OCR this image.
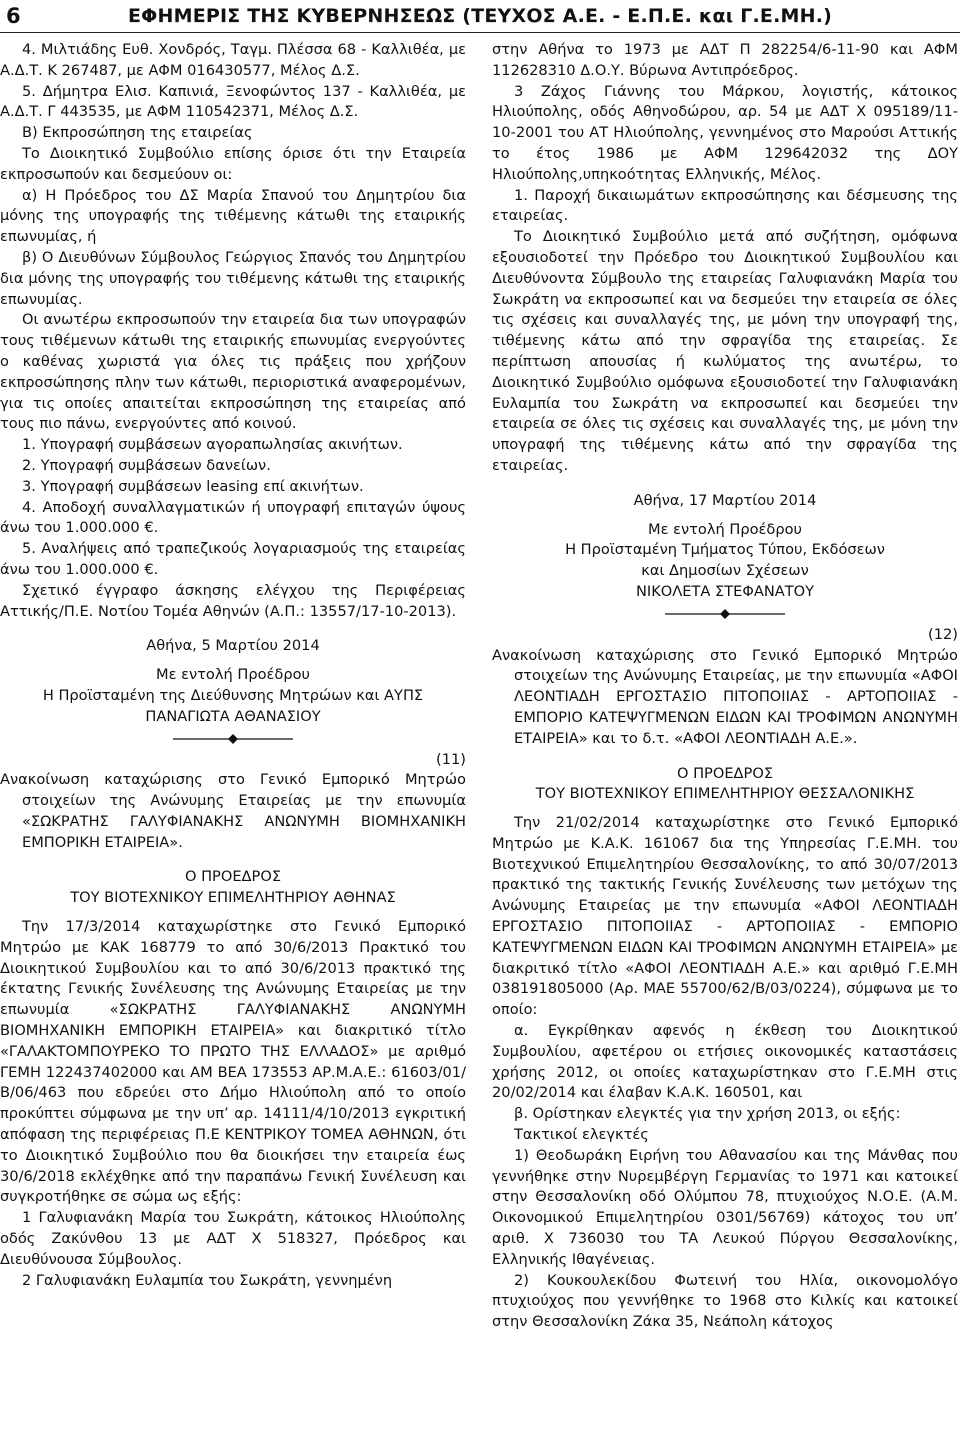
6	ΕΦΗΜΕΡΙΣ ΤΗΣ ΚΥΒΕΡΝΗΣΕΩΣ (ΤΕΥΧΟΣ Α.Ε. - Ε.Π.Ε. και Γ.Ε.ΜΗ.)

4. Μιλτιάδης Ευθ. Χονδρός, Ταγμ. Πλέσσα 68 - Καλλιθέα, με Α.Δ.Τ. Κ 267487, με ΑΦΜ 016430577, Μέλος Δ.Σ.

5. Δήμητρα Ελισ. Καπινιά, Ξενοφώντος 137 - Καλλιθέα, με Α.Δ.Τ. Γ 443535, με ΑΦΜ 110542371, Μέλος Δ.Σ.

Β) Εκπροσώπηση της εταιρείας

Το Διοικητικό Συμβούλιο επίσης όρισε ότι την Εταιρεία εκπροσωπούν και δεσμεύουν οι:

α) Η Πρόεδρος του ΔΣ Μαρία Σπανού του Δημητρίου δια μόνης της υπογραφής της τιθέμενης κάτωθι της εταιρικής επωνυμίας, ή

β) Ο Διευθύνων Σύμβουλος Γεώργιος Σπανός του Δημητρίου δια μόνης της υπογραφής του τιθέμενης κάτωθι της εταιρικής επωνυμίας.

Οι ανωτέρω εκπροσωπούν την εταιρεία δια των υπογραφών τους τιθέμενων κάτωθι της εταιρικής επωνυμίας ενεργούντες ο καθένας χωριστά για όλες τις πράξεις που χρήζουν εκπροσώπησης πλην των κάτωθι, περιοριστικά αναφερομένων, για τις οποίες απαιτείται εκπροσώπηση της εταιρείας από τους πιο πάνω, ενεργούντες από κοινού.

1. Υπογραφή συμβάσεων αγοραπωλησίας ακινήτων.

2. Υπογραφή συμβάσεων δανείων.

3. Υπογραφή συμβάσεων leasing επί ακινήτων.

4. Αποδοχή συναλλαγματικών ή υπογραφή επιταγών ύψους άνω του 1.000.000 €.

5. Αναλήψεις από τραπεζικούς λογαριασμούς της εταιρείας άνω του 1.000.000 €.

Σχετικό έγγραφο άσκησης ελέγχου της Περιφέρειας Αττικής/Π.Ε. Νοτίου Τομέα Αθηνών (Α.Π.: 13557/17-10-2013).

Αθήνα, 5 Μαρτίου 2014

Με εντολή Προέδρου

Η Προϊσταμένη της Διεύθυνσης Μητρώων και ΑΥΠΣ

ΠΑΝΑΓΙΩΤΑ ΑΘΑΝΑΣΙΟΥ

(11)

Ανακοίνωση καταχώρισης στο Γενικό Εμπορικό Μητρώο στοιχείων της Ανώνυμης Εταιρείας με την επωνυμία «ΣΩΚΡΑΤΗΣ ΓΑΛΥΦΙΑΝΑΚΗΣ ΑΝΩΝΥΜΗ ΒΙΟΜΗΧΑΝΙΚΗ ΕΜΠΟΡΙΚΗ ΕΤΑΙΡΕΙΑ».

Ο ΠΡΟΕΔΡΟΣ

ΤΟΥ ΒΙΟΤΕΧΝΙΚΟΥ ΕΠΙΜΕΛΗΤΗΡΙΟΥ ΑΘΗΝΑΣ

Την 17/3/2014 καταχωρίστηκε στο Γενικό Εμπορικό Μητρώο με ΚΑΚ 168779 το από 30/6/2013 Πρακτικό του Διοικητικού Συμβουλίου και το από 30/6/2013 πρακτικό της έκτατης Γενικής Συνέλευσης της Ανώνυμης Εταιρείας με την επωνυμία «ΣΩΚΡΑΤΗΣ ΓΑΛΥΦΙΑΝΑΚΗΣ ΑΝΩΝΥΜΗ ΒΙΟΜΗΧΑΝΙΚΗ ΕΜΠΟΡΙΚΗ ΕΤΑΙΡΕΙΑ» και διακριτικό τίτλο «ΓΑΛΑΚΤΟΜΠΟΥΡΕΚΟ ΤΟ ΠΡΩΤΟ ΤΗΣ ΕΛΛΑΔΟΣ» με αριθμό ΓΕΜΗ 122437402000 και ΑΜ ΒΕΑ 173553 ΑΡ.Μ.Α.Ε.: 61603/01/Β/06/463 που εδρεύει στο Δήμο Ηλιούπολη από το οποίο προκύπτει σύμφωνα με την υπ’ αρ. 14111/4/10/2013 εγκριτική απόφαση της περιφέρειας Π.Ε ΚΕΝΤΡΙΚΟΥ ΤΟΜΕΑ ΑΘΗΝΩΝ, ότι το Διοικητικό Συμβούλιο που θα διοικήσει την εταιρεία έως 30/6/2018 εκλέχθηκε από την παραπάνω Γενική Συνέλευση και συγκροτήθηκε σε σώμα ως εξής:

1 Γαλυφιανάκη Μαρία του Σωκράτη, κάτοικος Ηλιούπολης οδός Ζακύνθου 13 με ΑΔΤ Χ 518327, Πρόεδρος και Διευθύνουσα Σύμβουλος.

2 Γαλυφιανάκη Ευλαμπία του Σωκράτη, γεννημένη

στην Αθήνα το 1973 με ΑΔΤ Π 282254/6-11-90 και ΑΦΜ 112628310 Δ.Ο.Υ. Βύρωνα Αντιπρόεδρος.

3 Ζάχος Γιάννης του Μάρκου, λογιστής, κάτοικος Ηλιούπολης, οδός Αθηνοδώρου, αρ. 54 με ΑΔΤ Χ 095189/11-10-2001 του ΑΤ Ηλιούπολης, γεννημένος στο Μαρούσι Αττικής το έτος 1986 με ΑΦΜ 129642032 της ΔΟΥ Ηλιούπολης,υπηκοότητας Ελληνικής, Μέλος.

1. Παροχή δικαιωμάτων εκπροσώπησης και δέσμευσης της εταιρείας.

Το Διοικητικό Συμβούλιο μετά από συζήτηση, ομόφωνα εξουσιοδοτεί την Πρόεδρο του Διοικητικού Συμβουλίου και Διευθύνοντα Σύμβουλο της εταιρείας Γαλυφιανάκη Μαρία του Σωκράτη να εκπροσωπεί και να δεσμεύει την εταιρεία σε όλες τις σχέσεις και συναλλαγές της, με μόνη την υπογραφή της, τιθέμενης κάτω από την σφραγίδα της εταιρείας. Σε περίπτωση απουσίας ή κωλύματος της ανωτέρω, το Διοικητικό Συμβούλιο ομόφωνα εξουσιοδοτεί την Γαλυφιανάκη Ευλαμπία του Σωκράτη να εκπροσωπεί και δεσμεύει την εταιρεία σε όλες τις σχέσεις και συναλλαγές της, με μόνη την υπογραφή της τιθέμενης κάτω από την σφραγίδα της εταιρείας.

Αθήνα, 17 Μαρτίου 2014

Με εντολή Προέδρου

Η Προϊσταμένη Τμήματος Τύπου, Εκδόσεων

και Δημοσίων Σχέσεων

ΝΙΚΟΛΕΤΑ ΣΤΕΦΑΝΑΤΟΥ

(12)

Ανακοίνωση καταχώρισης στο Γενικό Εμπορικό Μητρώο στοιχείων της Ανώνυμης Εταιρείας, με την επωνυμία «ΑΦΟΙ ΛΕΟΝΤΙΑΔΗ ΕΡΓΟΣΤΑΣΙΟ ΠΙΤΟΠΟΙΙΑΣ - ΑΡΤΟΠΟΙΙΑΣ - ΕΜΠΟΡΙΟ ΚΑΤΕΨΥΓΜΕΝΩΝ ΕΙΔΩΝ ΚΑΙ ΤΡΟΦΙΜΩΝ ΑΝΩΝΥΜΗ ΕΤΑΙΡΕΙΑ» και το δ.τ. «ΑΦΟΙ ΛΕΟΝΤΙΑΔΗ Α.Ε.».

Ο ΠΡΟΕΔΡΟΣ

ΤΟΥ ΒΙΟΤΕΧΝΙΚΟΥ ΕΠΙΜΕΛΗΤΗΡΙΟΥ ΘΕΣΣΑΛΟΝΙΚΗΣ

Την 21/02/2014 καταχωρίστηκε στο Γενικό Εμπορικό Μητρώο με Κ.Α.Κ. 161067 δια της Υπηρεσίας Γ.Ε.ΜΗ. του Βιοτεχνικού Επιμελητηρίου Θεσσαλονίκης, το από 30/07/2013 πρακτικό της τακτικής Γενικής Συνέλευσης των μετόχων της Ανώνυμης Εταιρείας με την επωνυμία «ΑΦΟΙ ΛΕΟΝΤΙΑΔΗ ΕΡΓΟΣΤΑΣΙΟ ΠΙΤΟΠΟΙΙΑΣ - ΑΡΤΟΠΟΙΙΑΣ - ΕΜΠΟΡΙΟ ΚΑΤΕΨΥΓΜΕΝΩΝ ΕΙΔΩΝ ΚΑΙ ΤΡΟΦΙΜΩΝ ΑΝΩΝΥΜΗ ΕΤΑΙΡΕΙΑ» με διακριτικό τίτλο «ΑΦΟΙ ΛΕΟΝΤΙΑΔΗ Α.Ε.» και αριθμό Γ.Ε.ΜΗ 038191805000 (Αρ. ΜΑΕ 55700/62/Β/03/0224), σύμφωνα με το οποίο:

α. Εγκρίθηκαν αφενός η έκθεση του Διοικητικού Συμβουλίου, αφετέρου οι ετήσιες οικονομικές καταστάσεις χρήσης 2012, οι οποίες καταχωρίστηκαν στο Γ.Ε.ΜΗ στις 20/02/2014 και έλαβαν Κ.Α.Κ. 160501, και

β. Ορίστηκαν ελεγκτές για την χρήση 2013, οι εξής:

Τακτικοί ελεγκτές

1) Θεοδωράκη Ειρήνη του Αθανασίου και της Μάνθας που γεννήθηκε στην Νυρεμβέργη Γερμανίας το 1971 και κατοικεί στην Θεσσαλονίκη οδό Ολύμπου 78, πτυχιούχος Ν.Ο.Ε. (Α.Μ. Οικονομικού Επιμελητηρίου 0301/56769) κάτοχος του υπ’ αριθ. Χ 736030 του ΤΑ Λευκού Πύργου Θεσσαλονίκης, Ελληνικής Ιθαγένειας.

2) Κουκουλεκίδου Φωτεινή του Ηλία, οικονομολόγο πτυχιούχος που γεννήθηκε το 1968 στο Κιλκίς και κατοικεί στην Θεσσαλονίκη Ζάκα 35, Νεάπολη κάτοχος
